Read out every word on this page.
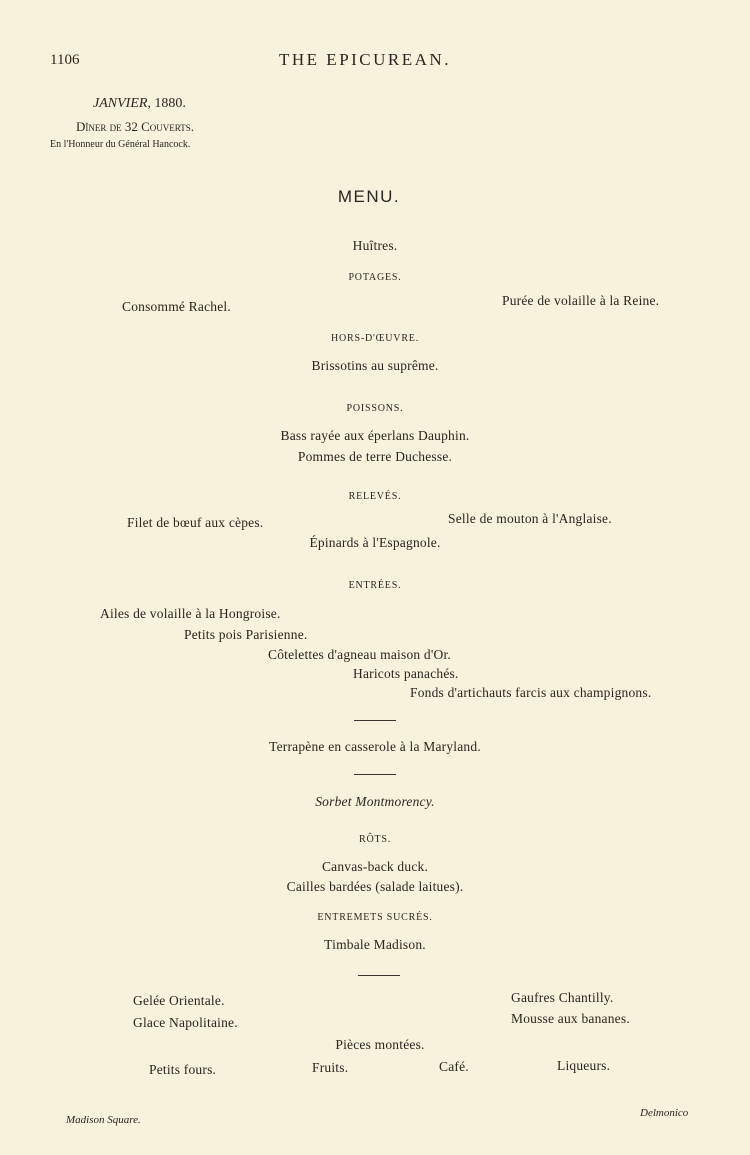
1106	THE EPICUREAN.
JANVIER, 1880.
Dîner de 32 Couverts.
En l'Honneur du Général Hancock.
MENU.
Huîtres.
POTAGES.
Consommé Rachel.	Purée de volaille à la Reine.
HORS-D'ŒUVRE.
Brissotins au suprême.
POISSONS.
Bass rayée aux éperlans Dauphin.
Pommes de terre Duchesse.
RELEVÉS.
Filet de bœuf aux cèpes.	Selle de mouton à l'Anglaise.
Épinards à l'Espagnole.
ENTRÉES.
Ailes de volaille à la Hongroise.
Petits pois Parisienne.
Côtelettes d'agneau maison d'Or.
Haricots panachés.
Fonds d'artichauts farcis aux champignons.
Terrapène en casserole à la Maryland.
Sorbet Montmorency.
RÔTS.
Canvas-back duck.
Cailles bardées (salade laitues).
ENTREMETS SUCRÉS.
Timbale Madison.
Gelée Orientale.
Glace Napolitaine.
Gaufres Chantilly.
Mousse aux bananes.
Pièces montées.
Petits fours.	Fruits.	Café.	Liqueurs.
Madison Square.
Delmonico
